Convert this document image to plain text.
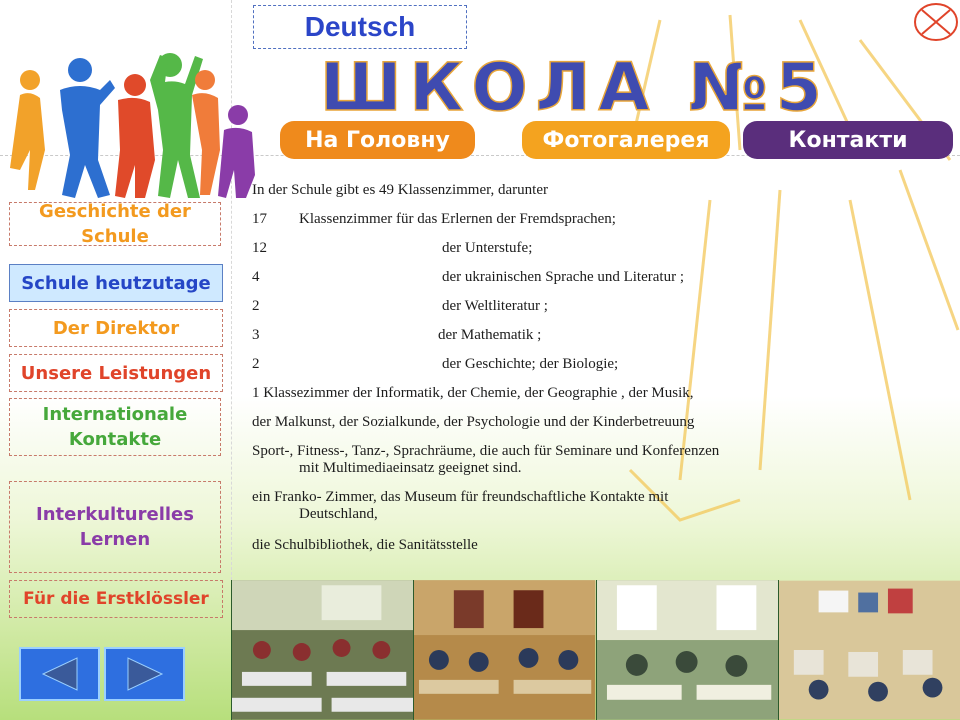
Deutsch
ШКОЛА №5
На Головну	Фотогалерея	Контакти
Geschichte der Schule
Schule heutzutage
Der Direktor
Unsere Leistungen
Internationale Kontakte
Interkulturelles Lernen
Für die Erstklössler
In der Schule gibt es 49 Klassenzimmer, darunter
17 Klassenzimmer für das Erlernen der Fremdsprachen;
12	der Unterstufe;
4	der ukrainischen Sprache und Literatur ;
2	der Weltliteratur ;
3	der Mathematik ;
2	der Geschichte; der Biologie;
1 Klassezimmer der Informatik, der Chemie, der Geographie , der Musik,
der Malkunst, der Sozialkunde, der Psychologie und der Kinderbetreuung
Sport-, Fitness-, Tanz-, Sprachräume, die auch für Seminare und Konferenzen
mit Multimediaeinsatz geeignet sind.
ein Franko- Zimmer, das Museum für freundschaftliche Kontakte mit
Deutschland,
die Schulbibliothek, die Sanitätsstelle
